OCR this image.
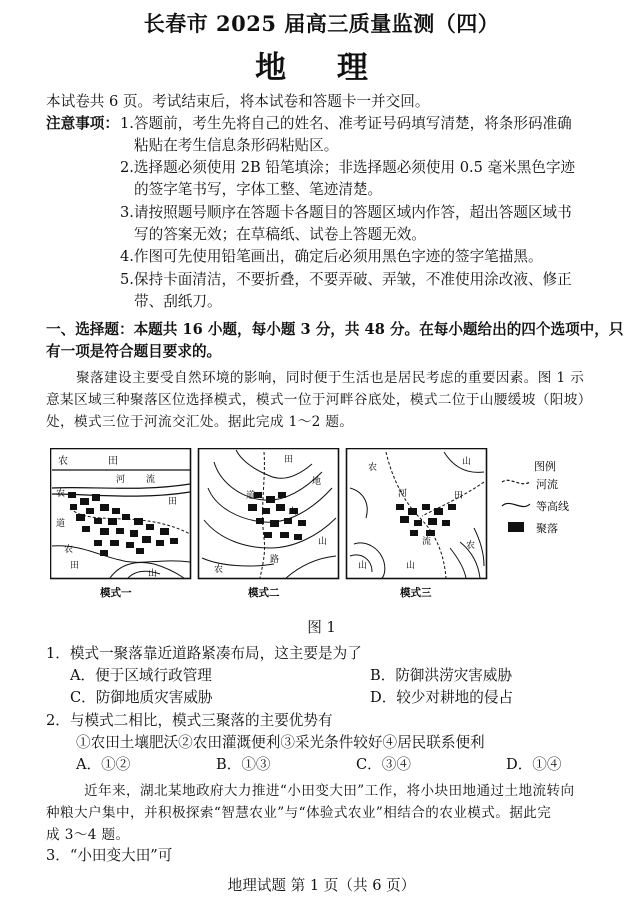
长春市 2025 届高三质量监测（四）
地 理
本试卷共 6 页。考试结束后，将本试卷和答题卡一并交回。
注意事项： 1.答题前，考生先将自己的姓名、准考证号码填写清楚，将条形码准确
粘贴在考生信息条形码粘贴区。
2.选择题必须使用 2B 铅笔填涂；非选择题必须使用 0.5 毫米黑色字迹
的签字笔书写，字体工整、笔迹清楚。
3.请按照题号顺序在答题卡各题目的答题区域内作答，超出答题区域书
写的答案无效；在草稿纸、试卷上答题无效。
4.作图可先使用铅笔画出，确定后必须用黑色字迹的签字笔描黑。
5.保持卡面清洁，不要折叠，不要弄破、弄皱，不准使用涂改液、修正
带、刮纸刀。
一、选择题：本题共 16 小题，每小题 3 分，共 48 分。在每小题给出的四个选项中，只
有一项是符合题目要求的。
聚落建设主要受自然环境的影响，同时便于生活也是居民考虑的重要因素。图 1 示
意某区域三种聚落区位选择模式，模式一位于河畔谷底处，模式二位于山腰缓坡（阳坡）
处，模式三位于河流交汇处。据此完成 1～2 题。
农	田
河 流
农
道
田
农
田
山
模式一
田
地
道
山
路
农
山
模式二
农
山
河	田
流	农
山	山
模式三
图例
河流
等高线
聚落
图 1
1．模式一聚落靠近道路紧凑布局，这主要是为了
A．便于区域行政管理	B．防御洪涝灾害威胁
C．防御地质灾害威胁	D．较少对耕地的侵占
2．与模式二相比，模式三聚落的主要优势有
①农田土壤肥沃②农田灌溉便利③采光条件较好④居民联系便利
A．①②	B．①③	C．③④	D．①④
近年来，湖北某地政府大力推进“小田变大田”工作，将小块田地通过土地流转向
种粮大户集中，并积极探索“智慧农业”与“体验式农业”相结合的农业模式。据此完
成 3～4 题。
3．“小田变大田”可
地理试题 第 1 页（共 6 页）
